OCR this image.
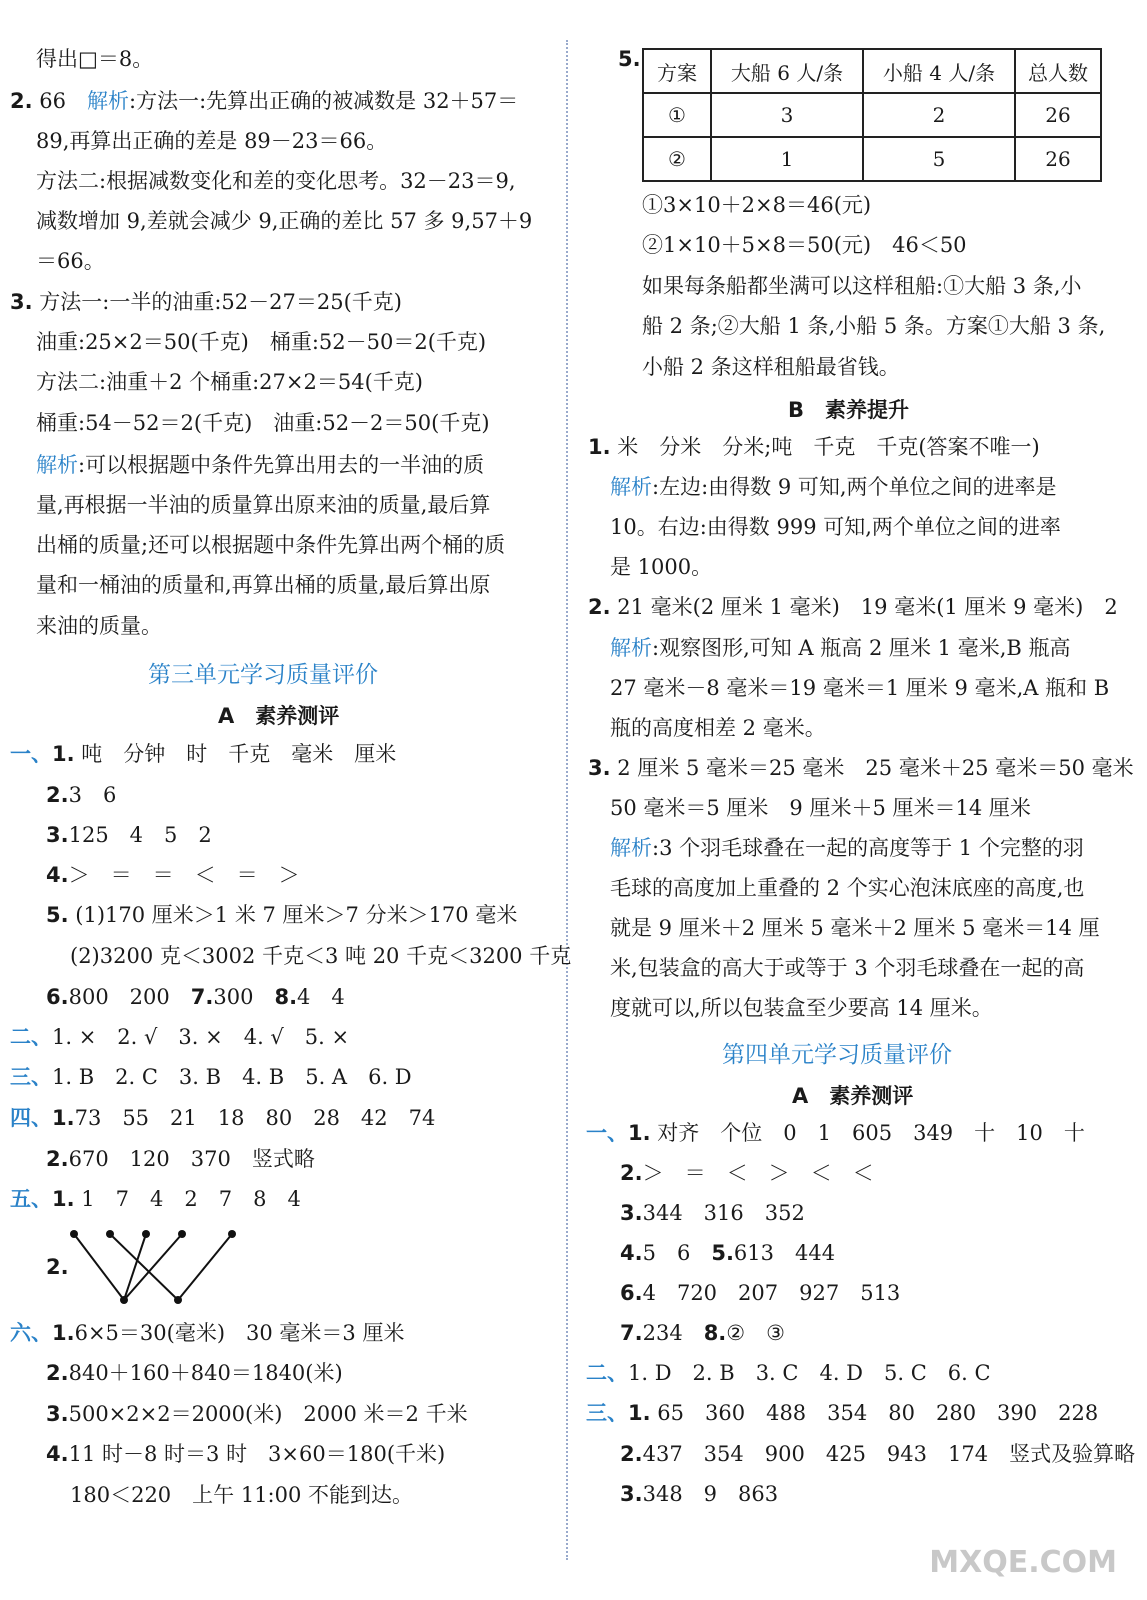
得出□＝8。
2. 66　 解析:方法一:先算出正确的被减数是 32＋57＝
89,再算出正确的差是 89－23＝66。
方法二:根据减数变化和差的变化思考。32－23＝9,
减数增加 9,差就会减少 9,正确的差比 57 多 9,57＋9
＝66。
3. 方法一:一半的油重:52－27＝25(千克)
油重:25×2＝50(千克)　桶重:52－50＝2(千克)
方法二:油重＋2 个桶重:27×2＝54(千克)
桶重:54－52＝2(千克)　油重:52－2＝50(千克)
解析:可以根据题中条件先算出用去的一半油的质
量,再根据一半油的质量算出原来油的质量,最后算
出桶的质量;还可以根据题中条件先算出两个桶的质
量和一桶油的质量和,再算出桶的质量,最后算出原
来油的质量。
第三单元学习质量评价
A　素养测评
一、1. 吨　分钟　时　千克　毫米　厘米
2.3　6
3.125　4　5　2
4.＞　＝　＝　＜　＝　＞
5. (1)170 厘米＞1 米 7 厘米＞7 分米＞170 毫米
(2)3200 克＜3002 千克＜3 吨 20 千克＜3200 千克
6.800　200　 7.300　 8.4　4
二、1. ×　2. √　3. ×　4. √　5. ×
三、1. B　2. C　3. B　4. B　5. A　6. D
四、1.73　55　21　18　80　28　42　74
2.670　120　370　竖式略
五、1. 1　7　4　2　7　8　4
2.
六、1.6×5＝30(毫米)　30 毫米＝3 厘米
2.840＋160＋840＝1840(米)
3.500×2×2＝2000(米)　2000 米＝2 千米
4.11 时－8 时＝3 时　3×60＝180(千米)
180＜220　上午 11:00 不能到达。
5.
方案	大船 6 人/条	小船 4 人/条	总人数
①	3	2	26
②	1	5	26
①3×10＋2×8＝46(元)
②1×10＋5×8＝50(元)　46＜50
如果每条船都坐满可以这样租船:①大船 3 条,小
船 2 条;②大船 1 条,小船 5 条。方案①大船 3 条,
小船 2 条这样租船最省钱。
B　素养提升
1. 米　分米　分米;吨　千克　千克(答案不唯一)
解析:左边:由得数 9 可知,两个单位之间的进率是
10。右边:由得数 999 可知,两个单位之间的进率
是 1000。
2. 21 毫米(2 厘米 1 毫米)　19 毫米(1 厘米 9 毫米)　2
解析:观察图形,可知 A 瓶高 2 厘米 1 毫米,B 瓶高
27 毫米－8 毫米＝19 毫米＝1 厘米 9 毫米,A 瓶和 B
瓶的高度相差 2 毫米。
3. 2 厘米 5 毫米＝25 毫米　25 毫米＋25 毫米＝50 毫米
50 毫米＝5 厘米　9 厘米＋5 厘米＝14 厘米
解析:3 个羽毛球叠在一起的高度等于 1 个完整的羽
毛球的高度加上重叠的 2 个实心泡沫底座的高度,也
就是 9 厘米＋2 厘米 5 毫米＋2 厘米 5 毫米＝14 厘
米,包装盒的高大于或等于 3 个羽毛球叠在一起的高
度就可以,所以包装盒至少要高 14 厘米。
第四单元学习质量评价
A　素养测评
一、1. 对齐　个位　0　1　605　349　十　10　十
2.＞　＝　＜　＞　＜　＜
3.344　316　352
4.5　6　 5.613　444
6.4　720　207　927　513
7.234　 8.②　③
二、1. D　2. B　3. C　4. D　5. C　6. C
三、1. 65　360　488　354　80　280　390　228
2.437　354　900　425　943　174　竖式及验算略
3.348　9　863
MXQE.COM
